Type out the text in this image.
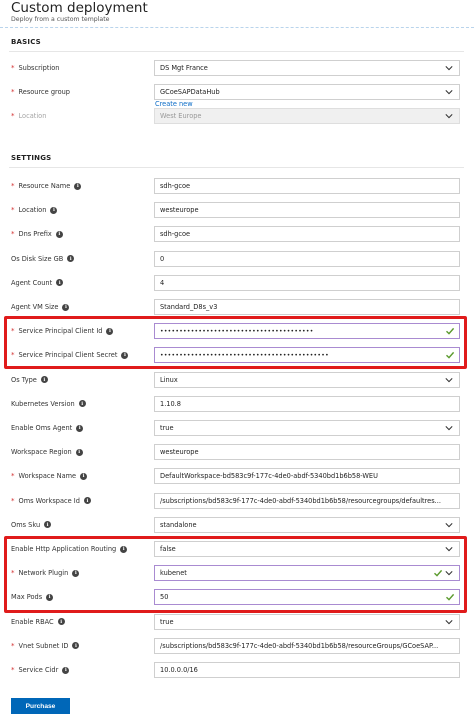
Custom deployment
Deploy from a custom template
BASICS
* Subscription	DS Mgt France
* Resource group	GCoeSAPDataHub
* Location	West Europe
Create new
SETTINGS
* Resource Name	i	sdh-gcoe
* Location	i	westeurope
* Dns Prefix	i	sdh-gcoe
Os Disk Size GB	i	0
Agent Count	i	4
Agent VM Size	i	Standard_D8s_v3
* Service Principal Client Id	i	••••••••••••••••••••••••••••••••••••••••
* Service Principal Client Secret	i	••••••••••••••••••••••••••••••••••••••••••••
Os Type	i	Linux
Kubernetes Version	i	1.10.8
Enable Oms Agent	i	true
Workspace Region	i	westeurope
* Workspace Name	i	DefaultWorkspace-bd583c9f-177c-4de0-abdf-5340bd1b6b58-WEU
* Oms Workspace Id	i	/subscriptions/bd583c9f-177c-4de0-abdf-5340bd1b6b58/resourcegroups/defaultres...
Oms Sku	i	standalone
Enable Http Application Routing	i	false
* Network Plugin	i	kubenet
Max Pods	i	50
Enable RBAC	i	true
* Vnet Subnet ID	i	/subscriptions/bd583c9f-177c-4de0-abdf-5340bd1b6b58/resourceGroups/GCoeSAP...
* Service Cidr	i	10.0.0.0/16
Purchase
